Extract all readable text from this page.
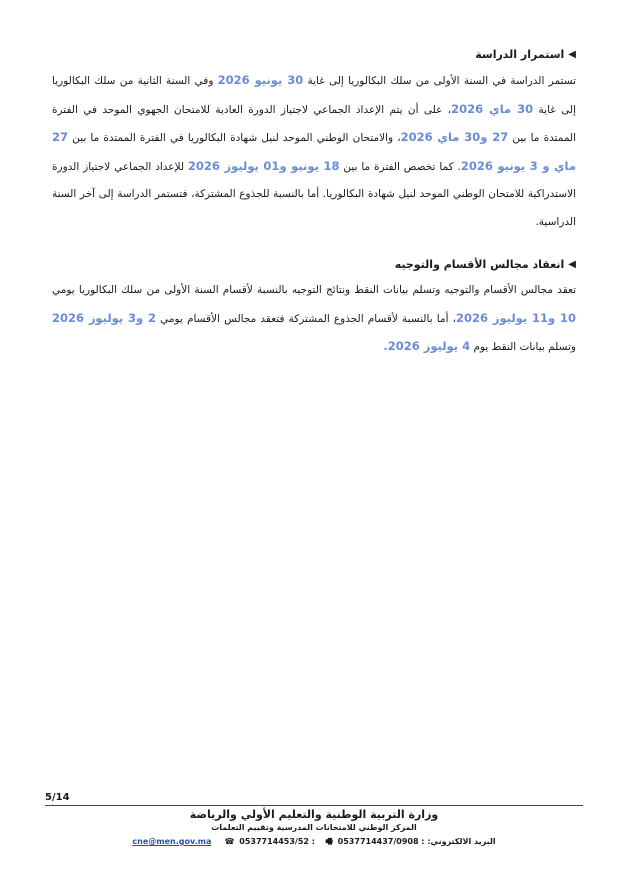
◀
استمرار الدراسة

تستمر الدراسة في السنة الأولى من سلك البكالوريا إلى غاية 30 يونيو 2026 وفي السنة الثانية من سلك البكالوريا إلى غاية 30 ماي 2026، على أن يتم الإعداد الجماعي لاجتياز الدورة العادية للامتحان الجهوي الموحد في الفترة الممتدة ما بين 27 و30 ماي 2026، والامتحان الوطني الموحد لنيل شهادة البكالوريا في الفترة الممتدة ما بين 27 ماي و 3 يونيو 2026. كما تخصص الفترة ما بين 18 يونيو و01 يوليوز 2026 للإعداد الجماعي لاجتياز الدورة الاستدراكية للامتحان الوطني الموحد لنيل شهادة البكالوريا. أما بالنسبة للجذوع المشتركة، فتستمر الدراسة إلى آخر السنة الدراسية.

◀
انعقاد مجالس الأقسام والتوجيه

تعقد مجالس الأقسام والتوجيه وتسلم بيانات النقط ونتائج التوجيه بالنسبة لأقسام السنة الأولى من سلك البكالوريا يومي 10 و11 يوليوز 2026، أما بالنسبة لأقسام الجذوع المشتركة فتعقد مجالس الأقسام يومي 2 و3 يوليوز 2026 وتسلم بيانات النقط يوم 4 يوليوز 2026.

5/14
وزارة التربية الوطنية والتعليم الأولي والرياضة
المركز الوطني للامتحانات المدرسية وتقييم التعلمات
البريد الالكتروني: cne@men.gov.ma ☎ 0537714453/52 : 🖷 0537714437/0908 :
